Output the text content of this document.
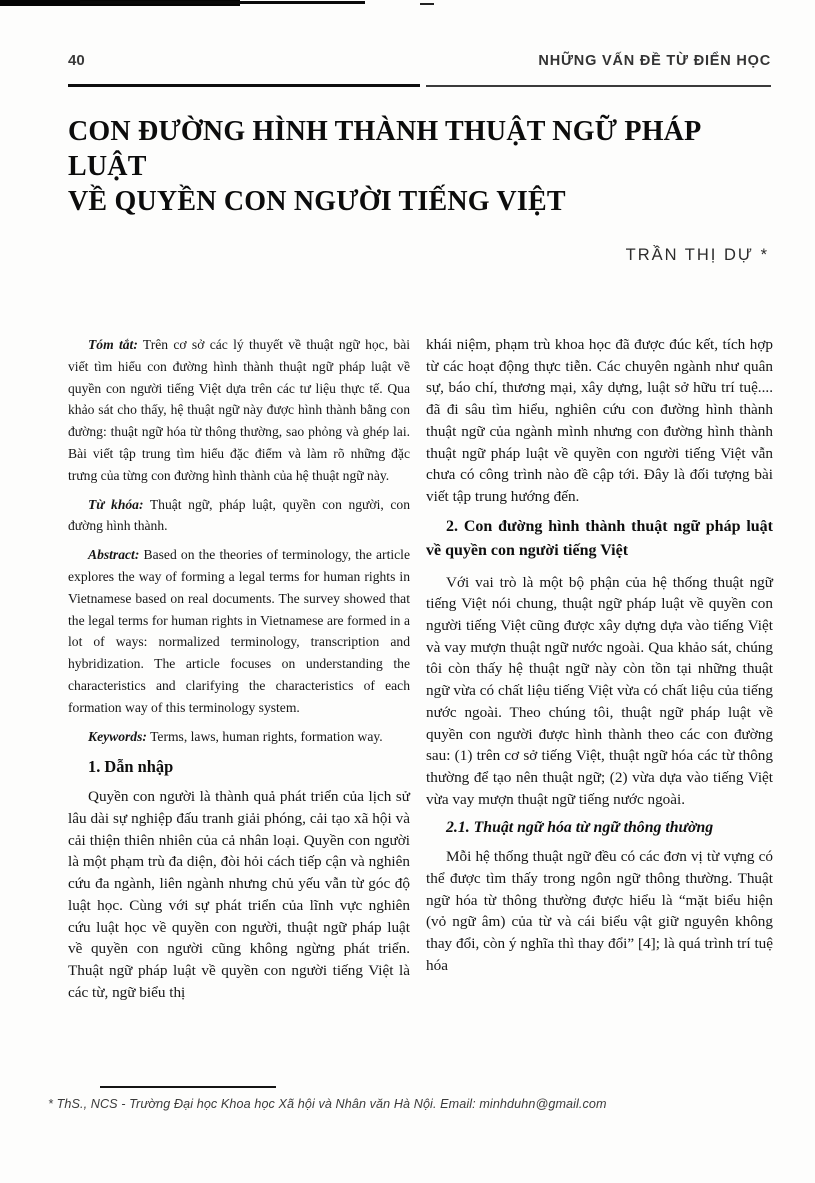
40	NHỮNG VẤN ĐỀ TỪ ĐIỂN HỌC
CON ĐƯỜNG HÌNH THÀNH THUẬT NGỮ PHÁP LUẬT
VỀ QUYỀN CON NGƯỜI TIẾNG VIỆT
TRẦN THỊ DỰ *

Tóm tắt: Trên cơ sở các lý thuyết về thuật ngữ học, bài viết tìm hiểu con đường hình thành thuật ngữ pháp luật về quyền con người tiếng Việt dựa trên các tư liệu thực tế. Qua khảo sát cho thấy, hệ thuật ngữ này được hình thành bằng con đường: thuật ngữ hóa từ thông thường, sao phỏng và ghép lai. Bài viết tập trung tìm hiểu đặc điểm và làm rõ những đặc trưng của từng con đường hình thành của hệ thuật ngữ này.

Từ khóa: Thuật ngữ, pháp luật, quyền con người, con đường hình thành.

Abstract: Based on the theories of terminology, the article explores the way of forming a legal terms for human rights in Vietnamese based on real documents. The survey showed that the legal terms for human rights in Vietnamese are formed in a lot of ways: normalized terminology, transcription and hybridization. The article focuses on understanding the characteristics and clarifying the characteristics of each formation way of this terminology system.

Keywords: Terms, laws, human rights, formation way.

1. Dẫn nhập

Quyền con người là thành quả phát triển của lịch sử lâu dài sự nghiệp đấu tranh giải phóng, cải tạo xã hội và cải thiện thiên nhiên của cả nhân loại. Quyền con người là một phạm trù đa diện, đòi hỏi cách tiếp cận và nghiên cứu đa ngành, liên ngành nhưng chủ yếu vẫn từ góc độ luật học. Cùng với sự phát triển của lĩnh vực nghiên cứu luật học về quyền con người, thuật ngữ pháp luật về quyền con người cũng không ngừng phát triển. Thuật ngữ pháp luật về quyền con người tiếng Việt là các từ, ngữ biểu thị

khái niệm, phạm trù khoa học đã được đúc kết, tích hợp từ các hoạt động thực tiễn. Các chuyên ngành như quân sự, báo chí, thương mại, xây dựng, luật sở hữu trí tuệ.... đã đi sâu tìm hiểu, nghiên cứu con đường hình thành thuật ngữ của ngành mình nhưng con đường hình thành thuật ngữ pháp luật về quyền con người tiếng Việt vẫn chưa có công trình nào đề cập tới. Đây là đối tượng bài viết tập trung hướng đến.

2. Con đường hình thành thuật ngữ pháp luật về quyền con người tiếng Việt

Với vai trò là một bộ phận của hệ thống thuật ngữ tiếng Việt nói chung, thuật ngữ pháp luật về quyền con người tiếng Việt cũng được xây dựng dựa vào tiếng Việt và vay mượn thuật ngữ nước ngoài. Qua khảo sát, chúng tôi còn thấy hệ thuật ngữ này còn tồn tại những thuật ngữ vừa có chất liệu tiếng Việt vừa có chất liệu của tiếng nước ngoài. Theo chúng tôi, thuật ngữ pháp luật về quyền con người được hình thành theo các con đường sau: (1) trên cơ sở tiếng Việt, thuật ngữ hóa các từ thông thường để tạo nên thuật ngữ; (2) vừa dựa vào tiếng Việt vừa vay mượn thuật ngữ tiếng nước ngoài.

2.1. Thuật ngữ hóa từ ngữ thông thường

Mỗi hệ thống thuật ngữ đều có các đơn vị từ vựng có thể được tìm thấy trong ngôn ngữ thông thường. Thuật ngữ hóa từ thông thường được hiểu là “mặt biểu hiện (vỏ ngữ âm) của từ và cái biểu vật giữ nguyên không thay đổi, còn ý nghĩa thì thay đổi” [4]; là quá trình trí tuệ hóa

* ThS., NCS - Trường Đại học Khoa học Xã hội và Nhân văn Hà Nội. Email: minhduhn@gmail.com
